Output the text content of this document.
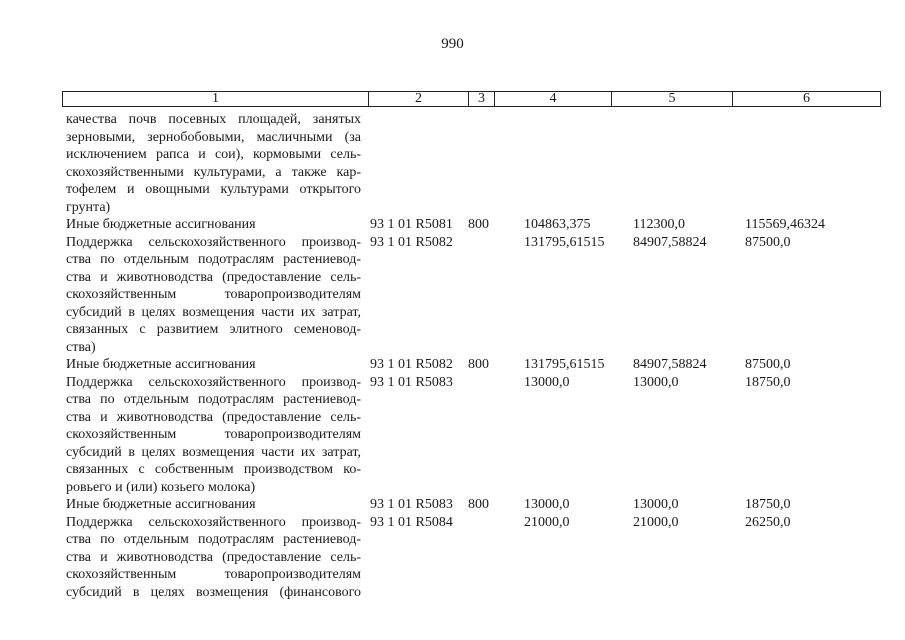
990
1	2	3	4	5	6
качества почв посевных площадей, занятых
зерновыми, зернобобовыми, масличными (за
исключением рапса и сои), кормовыми сель-
скохозяйственными культурами, а также кар-
тофелем и овощными культурами открытого
грунта)
Иные бюджетные ассигнования	93 1 01 R5081 800	104863,375	112300,0	115569,46324
Поддержка сельскохозяйственного производ-
ства по отдельным подотраслям растениевод-
ства и животноводства (предоставление сель-
скохозяйственным товаропроизводителям
субсидий в целях возмещения части их затрат,
связанных с развитием элитного семеновод-
ства)
93 1 01 R5082	131795,61515	84907,58824	87500,0
Иные бюджетные ассигнования	93 1 01 R5082 800	131795,61515	84907,58824	87500,0
Поддержка сельскохозяйственного производ-
ства по отдельным подотраслям растениевод-
ства и животноводства (предоставление сель-
скохозяйственным товаропроизводителям
субсидий в целях возмещения части их затрат,
связанных с собственным производством ко-
ровьего и (или) козьего молока)
93 1 01 R5083	13000,0	13000,0	18750,0
Иные бюджетные ассигнования	93 1 01 R5083 800	13000,0	13000,0	18750,0
Поддержка сельскохозяйственного производ-
ства по отдельным подотраслям растениевод-
ства и животноводства (предоставление сель-
скохозяйственным товаропроизводителям
субсидий в целях возмещения (финансового
93 1 01 R5084	21000,0	21000,0	26250,0
